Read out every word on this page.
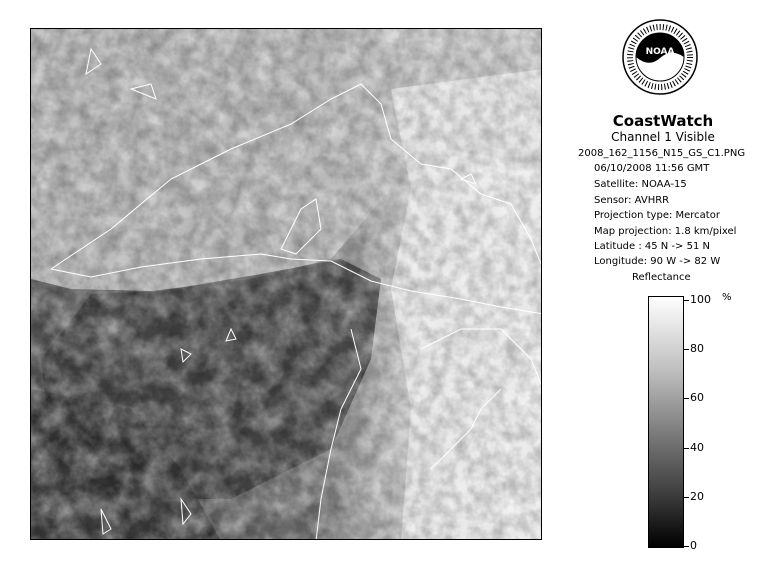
NOAA
CoastWatch
Channel 1 Visible
2008_162_1156_N15_GS_C1.PNG
06/10/2008 11:56 GMT
Satellite: NOAA-15
Sensor: AVHRR
Projection type: Mercator
Map projection: 1.8 km/pixel
Latitude : 45 N -> 51 N
Longitude: 90 W -> 82 W
Reflectance
%
100
80
60
40
20
0
